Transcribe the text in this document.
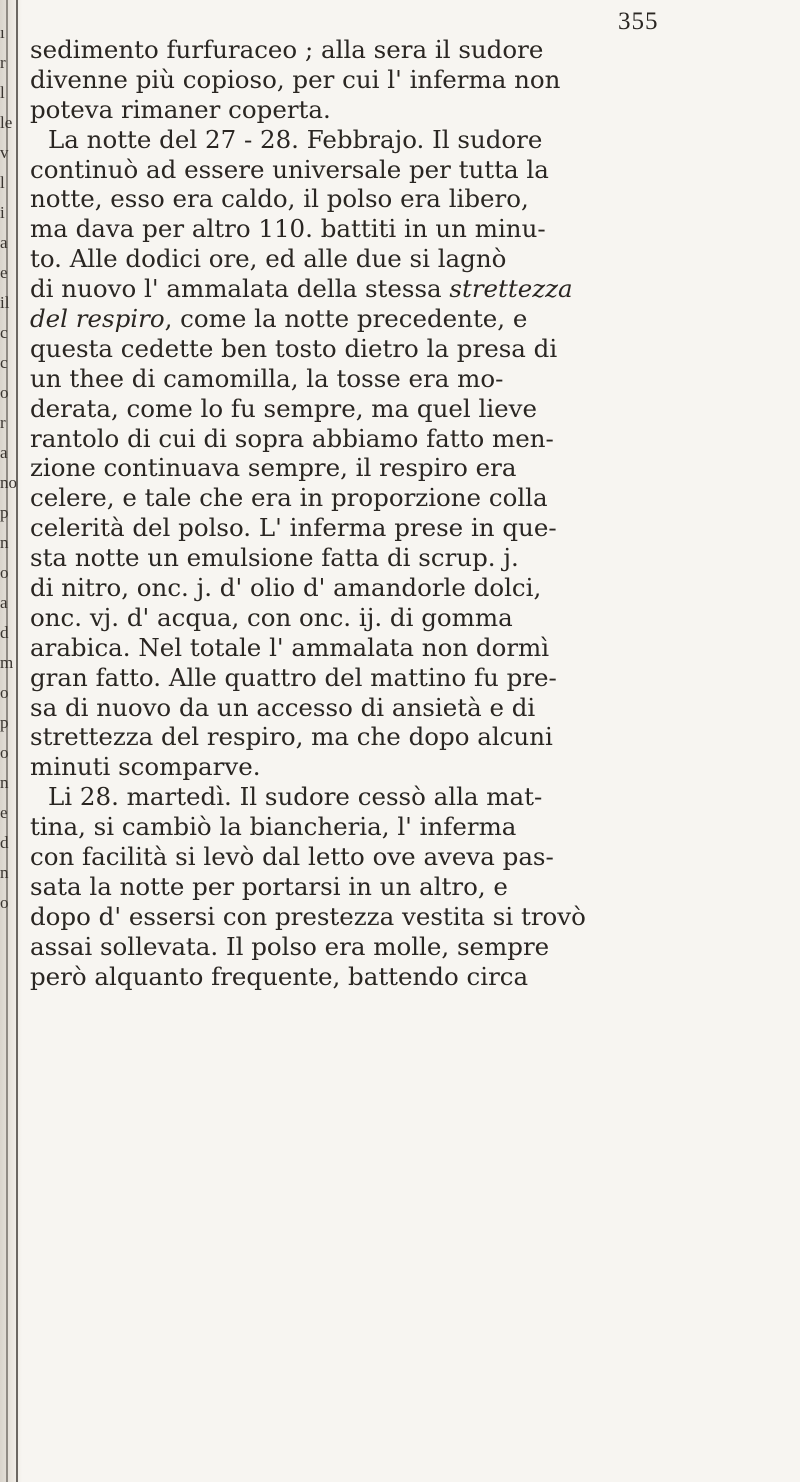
ı
r
l
le
v
l
i
a
e
il
c
c
o
r
a
no
p
n
o
a
d
m
o
p
o
n
e
d
n
o
355
sedimento furfuraceo ; alla sera il sudore
divenne più copioso, per cui l' inferma non
poteva rimaner coperta.
La notte del 27 - 28. Febbrajo. Il sudore
continuò ad essere universale per tutta la
notte, esso era caldo, il polso era libero,
ma dava per altro 110. battiti in un minu-
to. Alle dodici ore, ed alle due si lagnò
di nuovo l' ammalata della stessa strettezza
del respiro, come la notte precedente, e
questa cedette ben tosto dietro la presa di
un thee di camomilla, la tosse era mo-
derata, come lo fu sempre, ma quel lieve
rantolo di cui di sopra abbiamo fatto men-
zione continuava sempre, il respiro era
celere, e tale che era in proporzione colla
celerità del polso. L' inferma prese in que-
sta notte un emulsione fatta di scrup. j.
di nitro, onc. j. d' olio d' amandorle dolci,
onc. vj. d' acqua, con onc. ij. di gomma
arabica. Nel totale l' ammalata non dormì
gran fatto. Alle quattro del mattino fu pre-
sa di nuovo da un accesso di ansietà e di
strettezza del respiro, ma che dopo alcuni
minuti scomparve.
Li 28. martedì. Il sudore cessò alla mat-
tina, si cambiò la biancheria, l' inferma
con facilità si levò dal letto ove aveva pas-
sata la notte per portarsi in un altro, e
dopo d' essersi con prestezza vestita si trovò
assai sollevata. Il polso era molle, sempre
però alquanto frequente, battendo circa
